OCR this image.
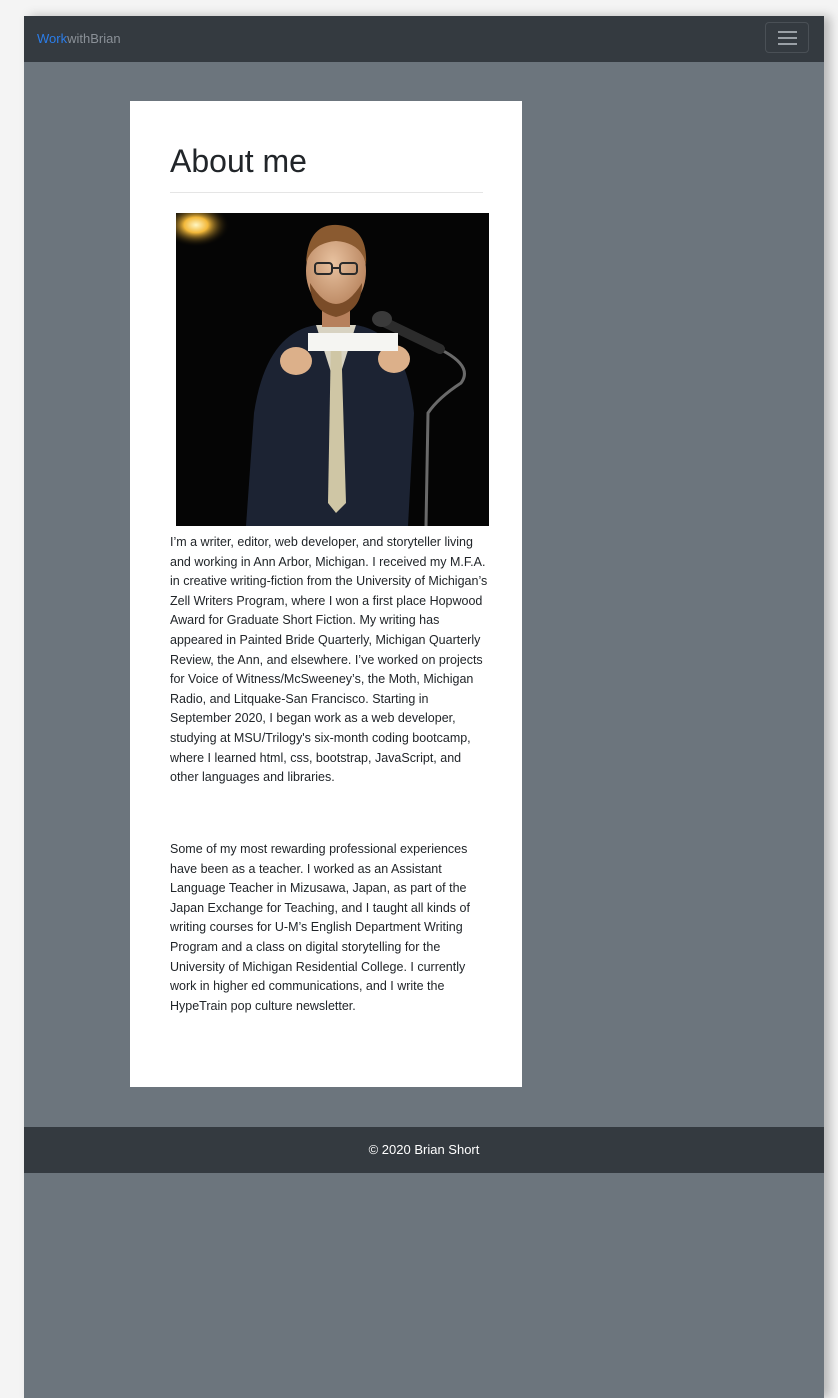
WorkwithBrian
About me

I’m a writer, editor, web developer, and storyteller living and working in Ann Arbor, Michigan. I received my M.F.A. in creative writing-fiction from the University of Michigan’s Zell Writers Program, where I won a first place Hopwood Award for Graduate Short Fiction. My writing has appeared in Painted Bride Quarterly, Michigan Quarterly Review, the Ann, and elsewhere. I’ve worked on projects for Voice of Witness/McSweeney’s, the Moth, Michigan Radio, and Litquake-San Francisco. Starting in September 2020, I began work as a web developer, studying at MSU/Trilogy's six-month coding bootcamp, where I learned html, css, bootstrap, JavaScript, and other languages and libraries.

Some of my most rewarding professional experiences have been as a teacher. I worked as an Assistant Language Teacher in Mizusawa, Japan, as part of the Japan Exchange for Teaching, and I taught all kinds of writing courses for U-M’s English Department Writing Program and a class on digital storytelling for the University of Michigan Residential College. I currently work in higher ed communications, and I write the HypeTrain pop culture newsletter.

© 2020 Brian Short
